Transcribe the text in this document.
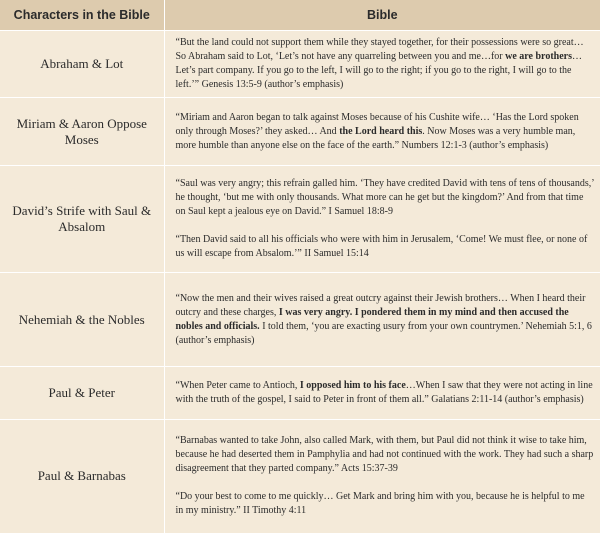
Characters in the Bible	Bible
Abraham & Lot	“But the land could not support them while they stayed together, for their possessions were so great… So Abraham said to Lot, ‘Let’s not have any quarreling between you and me…for we are brothers… Let’s part company. If you go to the left, I will go to the right; if you go to the right, I will go to the left.’” Genesis 13:5-9 (author’s emphasis)

Miriam & Aaron Oppose Moses	“Miriam and Aaron began to talk against Moses because of his Cushite wife… ‘Has the Lord spoken only through Moses?’ they asked… And the Lord heard this. Now Moses was a very humble man, more humble than anyone else on the face of the earth.” Numbers 12:1-3 (author’s emphasis)

David’s Strife with Saul & Absalom	“Saul was very angry; this refrain galled him. ‘They have credited David with tens of tens of thousands,’ he thought, ‘but me with only thousands. What more can he get but the kingdom?’ And from that time on Saul kept a jealous eye on David.” I Samuel 18:8-9

“Then David said to all his officials who were with him in Jerusalem, ‘Come! We must flee, or none of us will escape from Absalom.’” II Samuel 15:14

Nehemiah & the Nobles	“Now the men and their wives raised a great outcry against their Jewish brothers… When I heard their outcry and these charges, I was very angry. I pondered them in my mind and then accused the nobles and officials. I told them, ‘you are exacting usury from your own countrymen.’ Nehemiah 5:1, 6 (author’s emphasis)

Paul & Peter	“When Peter came to Antioch, I opposed him to his face…When I saw that they were not acting in line with the truth of the gospel, I said to Peter in front of them all.” Galatians 2:11-14 (author’s emphasis)

Paul & Barnabas	“Barnabas wanted to take John, also called Mark, with them, but Paul did not think it wise to take him, because he had deserted them in Pamphylia and had not continued with the work. They had such a sharp disagreement that they parted company.” Acts 15:37-39

“Do your best to come to me quickly… Get Mark and bring him with you, because he is helpful to me in my ministry.” II Timothy 4:11
